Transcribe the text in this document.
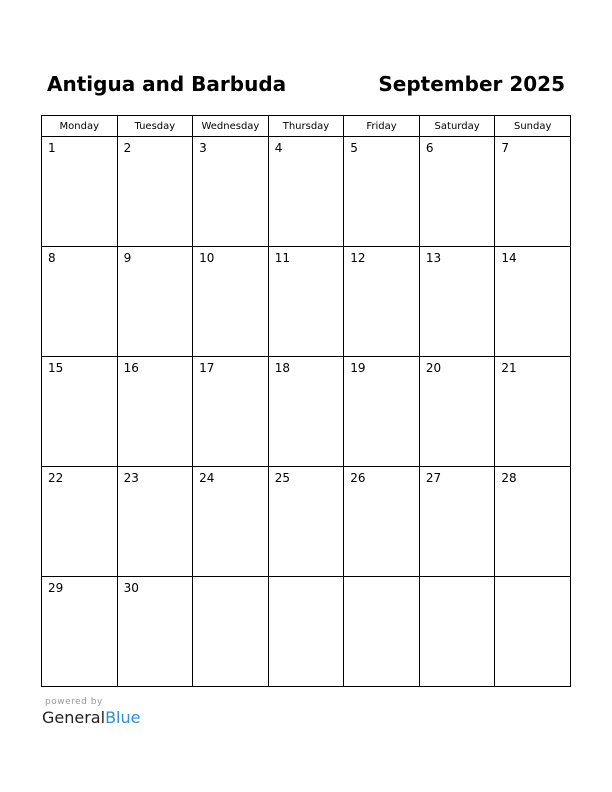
Antigua and Barbuda	September 2025
Monday	Tuesday	Wednesday	Thursday	Friday	Saturday	Sunday

1	2	3	4	5	6	7

8	9	10	11	12	13	14

15	16	17	18	19	20	21

22	23	24	25	26	27	28

29	30					

powered by
GeneralBlue
